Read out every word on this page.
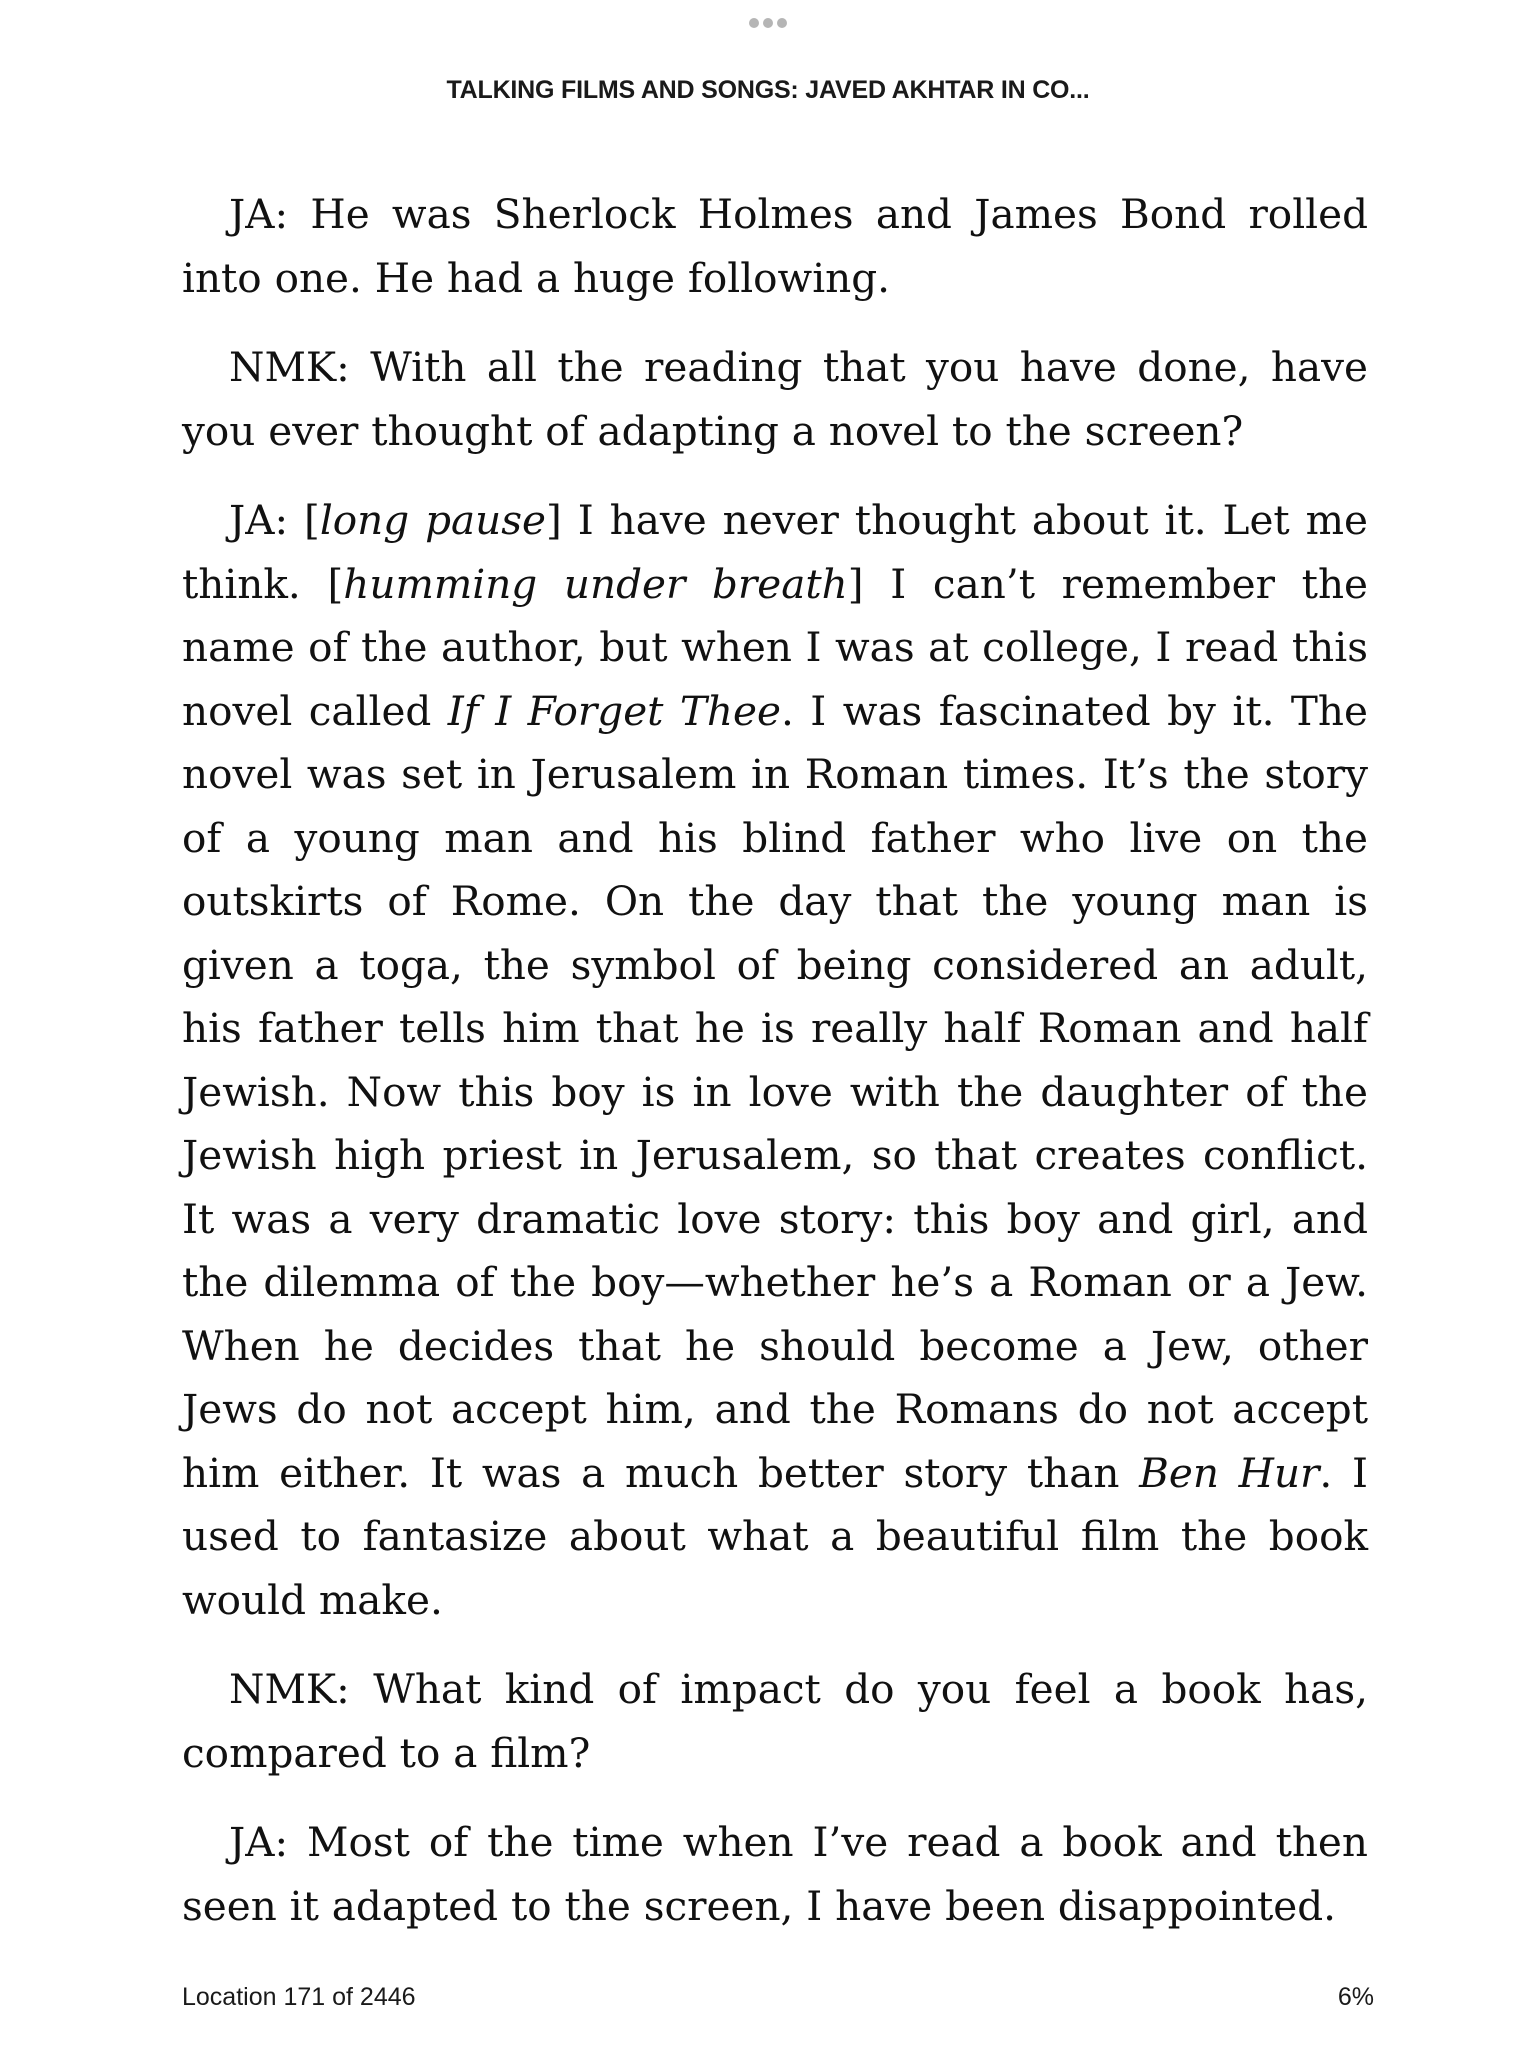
TALKING FILMS AND SONGS: JAVED AKHTAR IN CO...

JA: He was Sherlock Holmes and James Bond rolled into one. He had a huge following.

NMK: With all the reading that you have done, have you ever thought of adapting a novel to the screen?

JA: [long pause] I have never thought about it. Let me think. [humming under breath] I can’t remember the name of the author, but when I was at college, I read this novel called If I Forget Thee. I was fascinated by it. The novel was set in Jerusalem in Roman times. It’s the story of a young man and his blind father who live on the outskirts of Rome. On the day that the young man is given a toga, the symbol of being considered an adult, his father tells him that he is really half Roman and half Jewish. Now this boy is in love with the daughter of the Jewish high priest in Jerusalem, so that creates conflict. It was a very dramatic love story: this boy and girl, and the dilemma of the boy—whether he’s a Roman or a Jew. When he decides that he should become a Jew, other Jews do not accept him, and the Romans do not accept him either. It was a much better story than Ben Hur. I used to fantasize about what a beautiful film the book would make.

NMK: What kind of impact do you feel a book has, compared to a film?

JA: Most of the time when I’ve read a book and then seen it adapted to the screen, I have been disappointed.

Location 171 of 2446	6%
